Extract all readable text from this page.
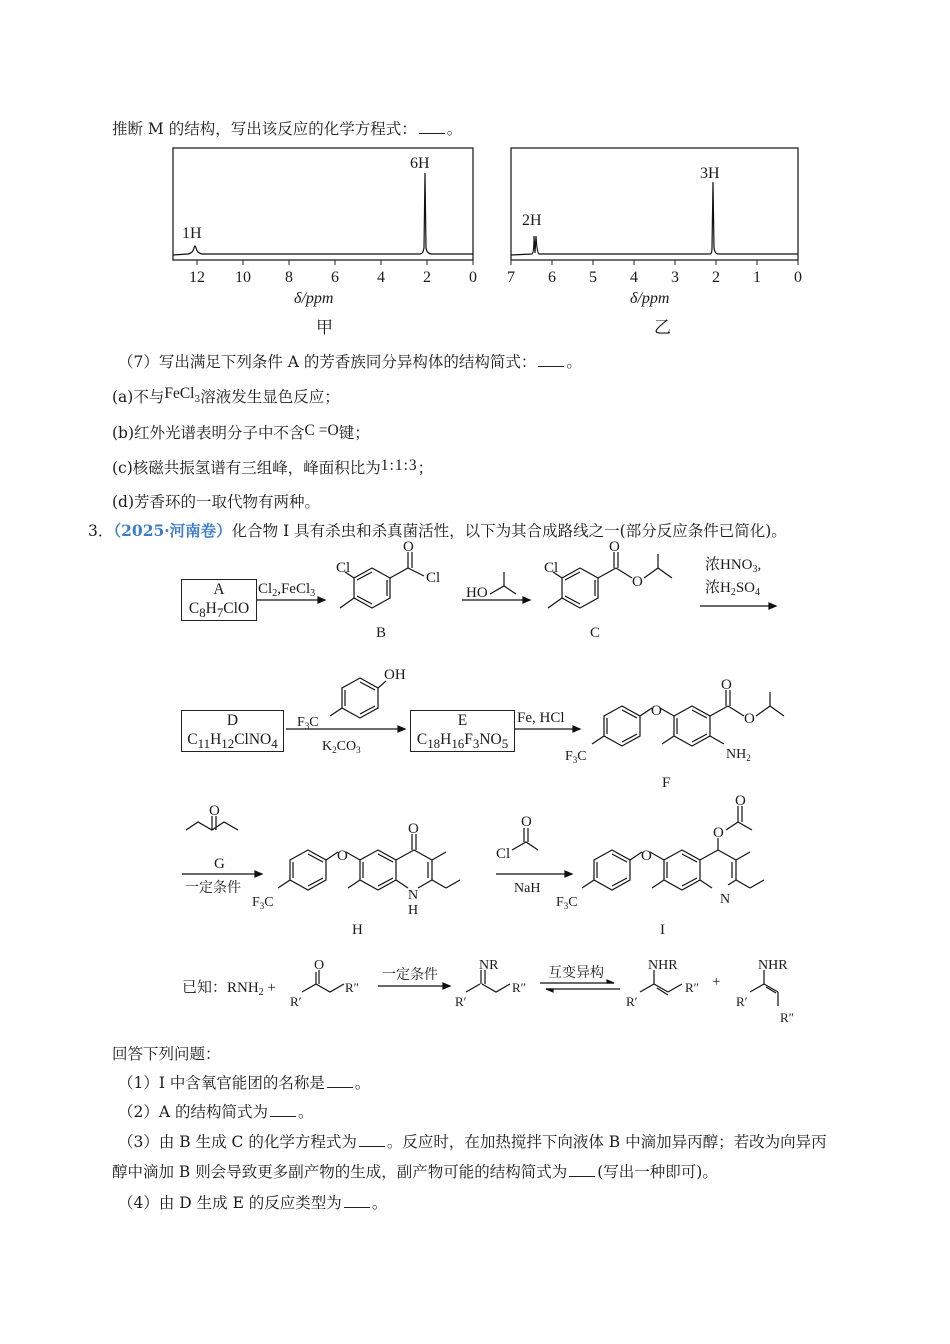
推断 M 的结构，写出该反应的化学方程式： 。
1H
6H
12 10 8 6 4 2 0
δ/ppm
甲
2H
3H
7 6 5 4 3 2 1 0
δ/ppm
乙
（7）写出满足下列条件 A 的芳香族同分异构体的结构简式： 。
(a)不与FeCl$_3$溶液发生显色反应；
(b)红外光谱表明分子中不含C =O键；
(c)核磁共振氢谱有三组峰，峰面积比为1:1:3；
(d)芳香环的一取代物有两种。
3．（2025·河南卷）化合物 I 具有杀虫和杀真菌活性，以下为其合成路线之一(部分反应条件已简化)。
A
$C_8H_7ClO$
D
$C_{11}H_{12}ClNO_4$
E
$C_{18}H_{16}F_3NO_5$
$Cl_2,FeCl_3$
O
Cl
Cl
B
HO
O
O
Cl
C
浓$HNO_3$,
浓$H_2SO_4$
OH
$F_3C$
$K_2CO_3$
Fe, HCl	O
O
O
$NH_2$
$F_3C$
F
O
G
一定条件
O
O
N
H
$F_3C$
H
O
Cl
NaH
O
O
O
N
$F_3C$
I
已知：$RNH_2$ +
O
R′
R″
一定条件
NR
R′
R″
互变异构
NHR
R′
R″ +
NHR
R′
R″
回答下列问题：
（1）I 中含氧官能团的名称是 。
（2）A 的结构简式为 。
（3）由 B 生成 C 的化学方程式为 。反应时，在加热搅拌下向液体 B 中滴加异丙醇；若改为向异丙
醇中滴加 B 则会导致更多副产物的生成，副产物可能的结构简式为 (写出一种即可)。
（4）由 D 生成 E 的反应类型为 。
